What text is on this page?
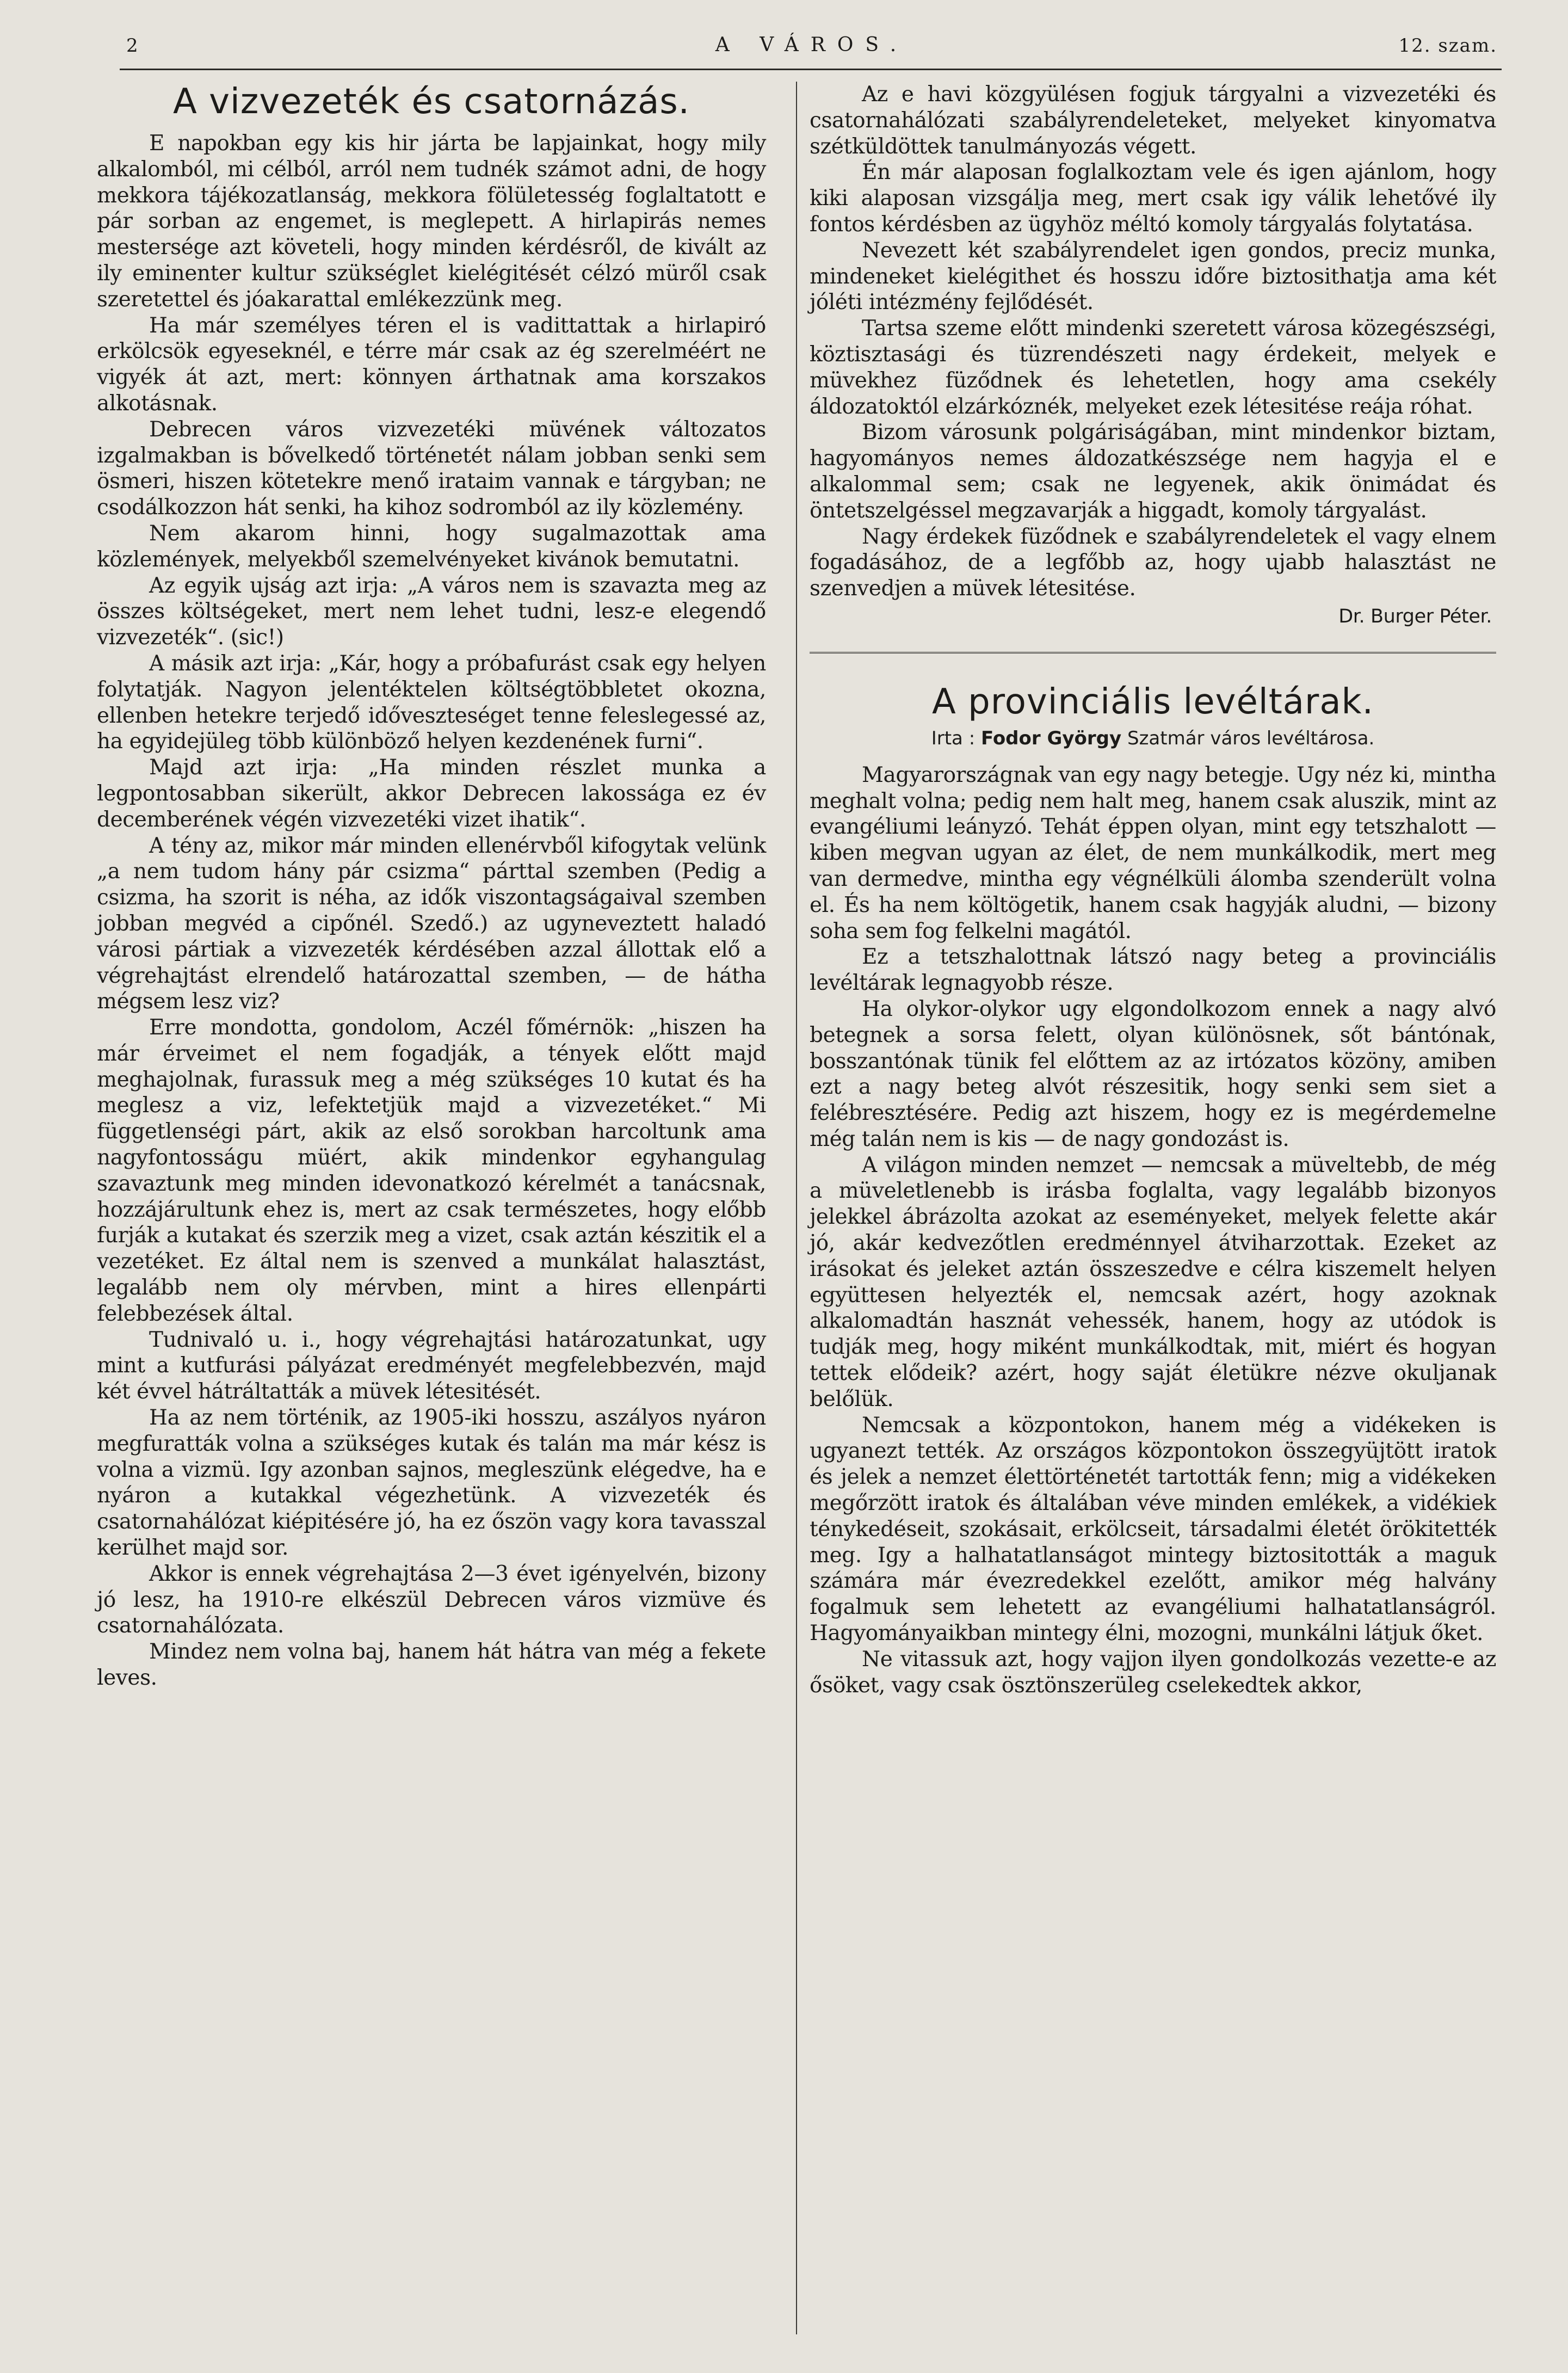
2	A VÁROS.	12. szam.
A vizvezeték és csatornázás.

E napokban egy kis hir járta be lapjainkat, hogy mily alkalomból, mi célból, arról nem tudnék számot adni, de hogy mekkora tájékozatlanság, mekkora fölületesség foglaltatott e pár sorban az engemet, is meglepett. A hirlapirás nemes mestersége azt követeli, hogy minden kérdésről, de kivált az ily eminenter kultur szükséglet kielégitését célzó müről csak szeretettel és jóakarattal emlékezzünk meg.

Ha már személyes téren el is vadittattak a hirlapiró erkölcsök egyeseknél, e térre már csak az ég szerelméért ne vigyék át azt, mert: könnyen árthatnak ama korszakos alkotásnak.

Debrecen város vizvezetéki müvének változatos izgalmakban is bővelkedő történetét nálam jobban senki sem ösmeri, hiszen kötetekre menő irataim vannak e tárgyban; ne csodálkozzon hát senki, ha kihoz sodromból az ily közlemény.

Nem akarom hinni, hogy sugalmazottak ama közlemények, melyekből szemelvényeket kivánok bemutatni.

Az egyik ujság azt irja: „A város nem is szavazta meg az összes költségeket, mert nem lehet tudni, lesz-e elegendő vizvezeték“. (sic!)

A másik azt irja: „Kár, hogy a próbafurást csak egy helyen folytatják. Nagyon jelentéktelen költségtöbbletet okozna, ellenben hetekre terjedő időveszteséget tenne feleslegessé az, ha egyidejüleg több különböző helyen kezdenének furni“.

Majd azt irja: „Ha minden részlet munka a legpontosabban sikerült, akkor Debrecen lakossága ez év decemberének végén vizvezetéki vizet ihatik“.

A tény az, mikor már minden ellenérvből kifogytak velünk „a nem tudom hány pár csizma“ párttal szemben (Pedig a csizma, ha szorit is néha, az idők viszontagságaival szemben jobban megvéd a cipőnél. Szedő.) az ugyneveztett haladó városi pártiak a vizvezeték kérdésében azzal állottak elő a végrehajtást elrendelő határozattal szemben, — de hátha mégsem lesz viz?

Erre mondotta, gondolom, Aczél főmérnök: „hiszen ha már érveimet el nem fogadják, a tények előtt majd meghajolnak, furassuk meg a még szükséges 10 kutat és ha meglesz a viz, lefektetjük majd a vizvezetéket.“ Mi függetlenségi párt, akik az első sorokban harcoltunk ama nagyfontosságu müért, akik mindenkor egyhangulag szavaztunk meg minden idevonatkozó kérelmét a tanácsnak, hozzájárultunk ehez is, mert az csak természetes, hogy előbb furják a kutakat és szerzik meg a vizet, csak aztán készitik el a vezetéket. Ez által nem is szenved a munkálat halasztást, legalább nem oly mérvben, mint a hires ellenpárti felebbezések által.

Tudnivaló u. i., hogy végrehajtási határozatunkat, ugy mint a kutfurási pályázat eredményét megfelebbezvén, majd két évvel hátráltatták a müvek létesitését.

Ha az nem történik, az 1905-iki hosszu, aszályos nyáron megfuratták volna a szükséges kutak és talán ma már kész is volna a vizmü. Igy azonban sajnos, megleszünk elégedve, ha e nyáron a kutakkal végezhetünk. A vizvezeték és csatornahálózat kiépitésére jó, ha ez őszön vagy kora tavasszal kerülhet majd sor.

Akkor is ennek végrehajtása 2—3 évet igényelvén, bizony jó lesz, ha 1910-re elkészül Debrecen város vizmüve és csatornahálózata.

Mindez nem volna baj, hanem hát hátra van még a fekete leves.

Az e havi közgyülésen fogjuk tárgyalni a vizvezetéki és csatornahálózati szabályrendeleteket, melyeket kinyomatva szétküldöttek tanulmányozás végett.

Én már alaposan foglalkoztam vele és igen ajánlom, hogy kiki alaposan vizsgálja meg, mert csak igy válik lehetővé ily fontos kérdésben az ügyhöz méltó komoly tárgyalás folytatása.

Nevezett két szabályrendelet igen gondos, preciz munka, mindeneket kielégithet és hosszu időre biztosithatja ama két jóléti intézmény fejlődését.

Tartsa szeme előtt mindenki szeretett városa közegészségi, köztisztasági és tüzrendészeti nagy érdekeit, melyek e müvekhez füződnek és lehetetlen, hogy ama csekély áldozatoktól elzárkóznék, melyeket ezek létesitése reája róhat.

Bizom városunk polgáriságában, mint mindenkor biztam, hagyományos nemes áldozatkészsége nem hagyja el e alkalommal sem; csak ne legyenek, akik önimádat és öntetszelgéssel megzavarják a higgadt, komoly tárgyalást.

Nagy érdekek füződnek e szabályrendeletek el vagy elnem fogadásához, de a legfőbb az, hogy ujabb halasztást ne szenvedjen a müvek létesitése.

Dr. Burger Péter.

A provinciális levéltárak.
Irta : Fodor György Szatmár város levéltárosa.

Magyarországnak van egy nagy betegje. Ugy néz ki, mintha meghalt volna; pedig nem halt meg, hanem csak aluszik, mint az evangéliumi leányzó. Tehát éppen olyan, mint egy tetszhalott — kiben megvan ugyan az élet, de nem munkálkodik, mert meg van dermedve, mintha egy végnélküli álomba szenderült volna el. És ha nem költögetik, hanem csak hagyják aludni, — bizony soha sem fog felkelni magától.

Ez a tetszhalottnak látszó nagy beteg a provinciális levéltárak legnagyobb része.

Ha olykor-olykor ugy elgondolkozom ennek a nagy alvó betegnek a sorsa felett, olyan különösnek, sőt bántónak, bosszantónak tünik fel előttem az az irtózatos közöny, amiben ezt a nagy beteg alvót részesitik, hogy senki sem siet a felébresztésére. Pedig azt hiszem, hogy ez is megérdemelne még talán nem is kis — de nagy gondozást is.

A világon minden nemzet — nemcsak a müveltebb, de még a müveletlenebb is irásba foglalta, vagy legalább bizonyos jelekkel ábrázolta azokat az eseményeket, melyek felette akár jó, akár kedvezőtlen eredménnyel átviharzottak. Ezeket az irásokat és jeleket aztán összeszedve e célra kiszemelt helyen együttesen helyezték el, nemcsak azért, hogy azoknak alkalomadtán hasznát vehessék, hanem, hogy az utódok is tudják meg, hogy miként munkálkodtak, mit, miért és hogyan tettek elődeik? azért, hogy saját életükre nézve okuljanak belőlük.

Nemcsak a központokon, hanem még a vidékeken is ugyanezt tették. Az országos központokon összegyüjtött iratok és jelek a nemzet élettörténetét tartották fenn; mig a vidékeken megőrzött iratok és általában véve minden emlékek, a vidékiek ténykedéseit, szokásait, erkölcseit, társadalmi életét örökitették meg. Igy a halhatatlanságot mintegy biztositották a maguk számára már évezredekkel ezelőtt, amikor még halvány fogalmuk sem lehetett az evangéliumi halhatatlanságról. Hagyományaikban mintegy élni, mozogni, munkálni látjuk őket.

Ne vitassuk azt, hogy vajjon ilyen gondolkozás vezette-e az ősöket, vagy csak ösztönszerüleg cselekedtek akkor,
